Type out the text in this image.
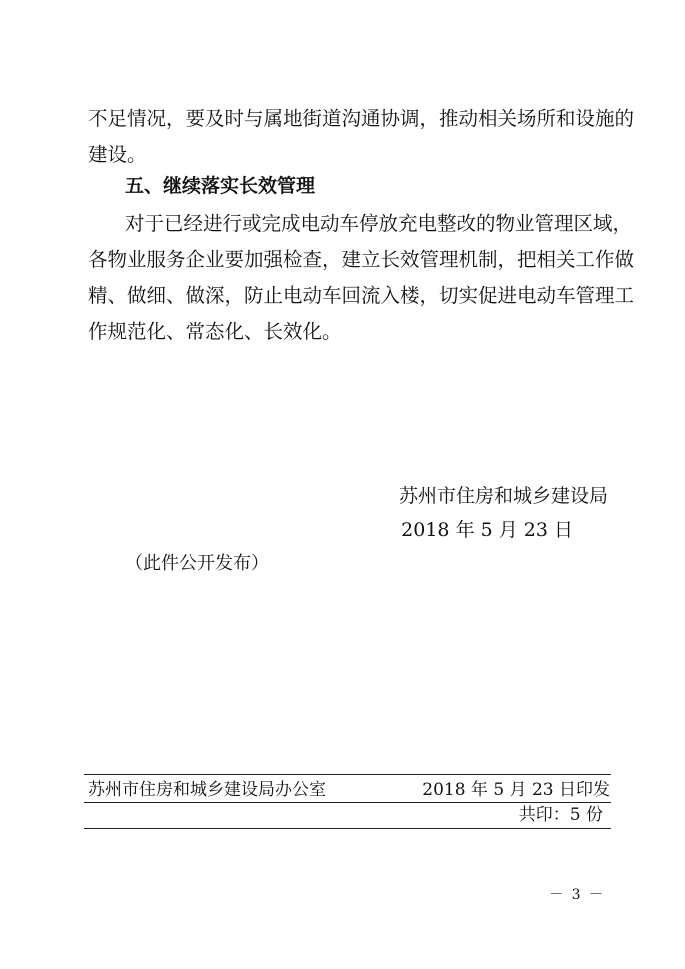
不足情况，要及时与属地街道沟通协调，推动相关场所和设施的
建设。
五、继续落实长效管理
对于已经进行或完成电动车停放充电整改的物业管理区域，
各物业服务企业要加强检查，建立长效管理机制，把相关工作做
精、做细、做深，防止电动车回流入楼，切实促进电动车管理工
作规范化、常态化、长效化。
苏州市住房和城乡建设局
2018 年 5 月 23 日
（此件公开发布）
苏州市住房和城乡建设局办公室	2018 年 5 月 23 日印发
共印：5 份
－ 3 －
